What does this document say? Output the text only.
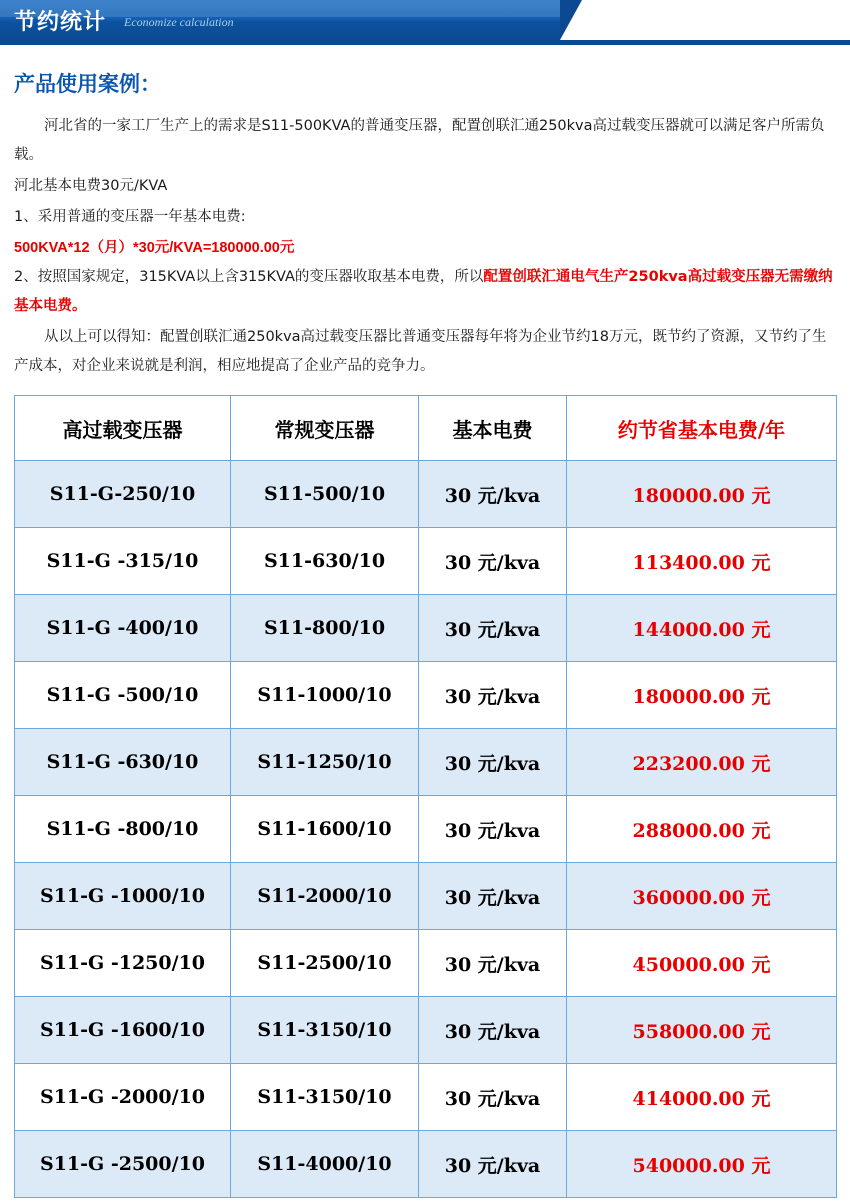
节约统计 Economize calculation
产品使用案例：

河北省的一家工厂生产上的需求是S11-500KVA的普通变压器，配置创联汇通250kva高过载变压器就可以满足客户所需负载。

河北基本电费30元/KVA

1、采用普通的变压器一年基本电费:

500KVA*12（月）*30元/KVA=180000.00元

2、按照国家规定，315KVA以上含315KVA的变压器收取基本电费，所以配置创联汇通电气生产250kva高过载变压器无需缴纳基本电费。

从以上可以得知：配置创联汇通250kva高过载变压器比普通变压器每年将为企业节约18万元，既节约了资源，又节约了生产成本，对企业来说就是利润，相应地提高了企业产品的竞争力。

高过载变压器	常规变压器	基本电费	约节省基本电费/年
S11-G-250/10	S11-500/10	30 元/kva	180000.00 元
S11-G -315/10	S11-630/10	30 元/kva	113400.00 元
S11-G -400/10	S11-800/10	30 元/kva	144000.00 元
S11-G -500/10	S11-1000/10	30 元/kva	180000.00 元
S11-G -630/10	S11-1250/10	30 元/kva	223200.00 元
S11-G -800/10	S11-1600/10	30 元/kva	288000.00 元
S11-G -1000/10	S11-2000/10	30 元/kva	360000.00 元
S11-G -1250/10	S11-2500/10	30 元/kva	450000.00 元
S11-G -1600/10	S11-3150/10	30 元/kva	558000.00 元
S11-G -2000/10	S11-3150/10	30 元/kva	414000.00 元
S11-G -2500/10	S11-4000/10	30 元/kva	540000.00 元
